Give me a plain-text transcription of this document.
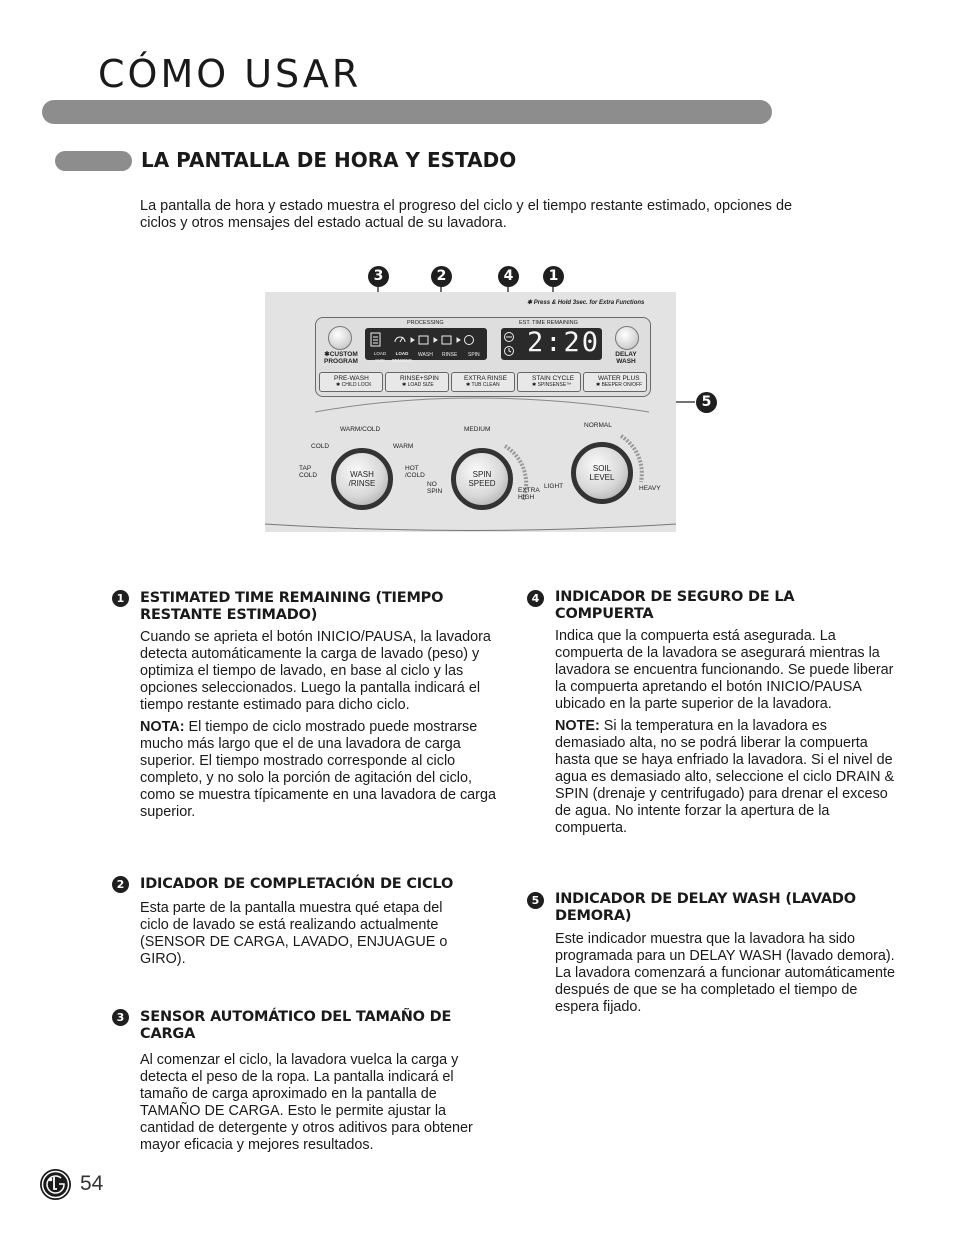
CÓMO USAR
LA PANTALLA DE HORA Y ESTADO
La pantalla de hora y estado muestra el progreso del ciclo y el tiempo restante estimado, opciones de ciclos y otros mensajes del estado actual de su lavadora.
3	2	4	1
5
✱ Press & Hold 3sec. for Extra Functions
✱CUSTOM PROGRAM
PROCESSING	EST. TIME REMAINING
LOAD SIZE
LOAD SENSING
WASH RINSE SPIN 2:20	DELAY WASH
PRE-WASH
✱ CHILD LOCK
RINSE+SPIN
✱ LOAD SIZE
EXTRA RINSE
✱ TUB CLEAN
STAIN CYCLE
✱ SPINSENSE™
WATER PLUS
✱ BEEPER ON/OFF
WASH
/RINSE
SPIN
SPEED
SOIL
LEVEL
WARM/COLD
COLD	WARM
TAP COLD
HOT /COLD
MEDIUM
NO SPIN	EXTRA HIGH
NORMAL
LIGHT	HEAVY
1	ESTIMATED TIME REMAINING (TIEMPO RESTANTE ESTIMADO)

Cuando se aprieta el botón INICIO/PAUSA, la lavadora detecta automáticamente la carga de lavado (peso) y optimiza el tiempo de lavado, en base al ciclo y las opciones seleccionados. Luego la pantalla indicará el tiempo restante estimado para dicho ciclo.

NOTA: El tiempo de ciclo mostrado puede mostrarse mucho más largo que el de una lavadora de carga superior. El tiempo mostrado corresponde al ciclo completo, y no solo la porción de agitación del ciclo, como se muestra típicamente en una lavadora de carga superior.

2	IDICADOR DE COMPLETACIÓN DE CICLO

Esta parte de la pantalla muestra qué etapa del ciclo de lavado se está realizando actualmente (SENSOR DE CARGA, LAVADO, ENJUAGUE o GIRO).

3	SENSOR AUTOMÁTICO DEL TAMAÑO DE CARGA

Al comenzar el ciclo, la lavadora vuelca la carga y detecta el peso de la ropa. La pantalla indicará el tamaño de carga aproximado en la pantalla de TAMAÑO DE CARGA. Esto le permite ajustar la cantidad de detergente y otros aditivos para obtener mayor eficacia y mejores resultados.

4	INDICADOR DE SEGURO DE LA COMPUERTA

Indica que la compuerta está asegurada. La compuerta de la lavadora se asegurará mientras la lavadora se encuentra funcionando. Se puede liberar la compuerta apretando el botón INICIO/PAUSA ubicado en la parte superior de la lavadora.

NOTE: Si la temperatura en la lavadora es demasiado alta, no se podrá liberar la compuerta hasta que se haya enfriado la lavadora. Si el nivel de agua es demasiado alto, seleccione el ciclo DRAIN & SPIN (drenaje y centrifugado) para drenar el exceso de agua. No intente forzar la apertura de la compuerta.

5	INDICADOR DE DELAY WASH (LAVADO DEMORA)

Este indicador muestra que la lavadora ha sido programada para un DELAY WASH (lavado demora). La lavadora comenzará a funcionar automáticamente después de que se ha completado el tiempo de espera fijado.

54
